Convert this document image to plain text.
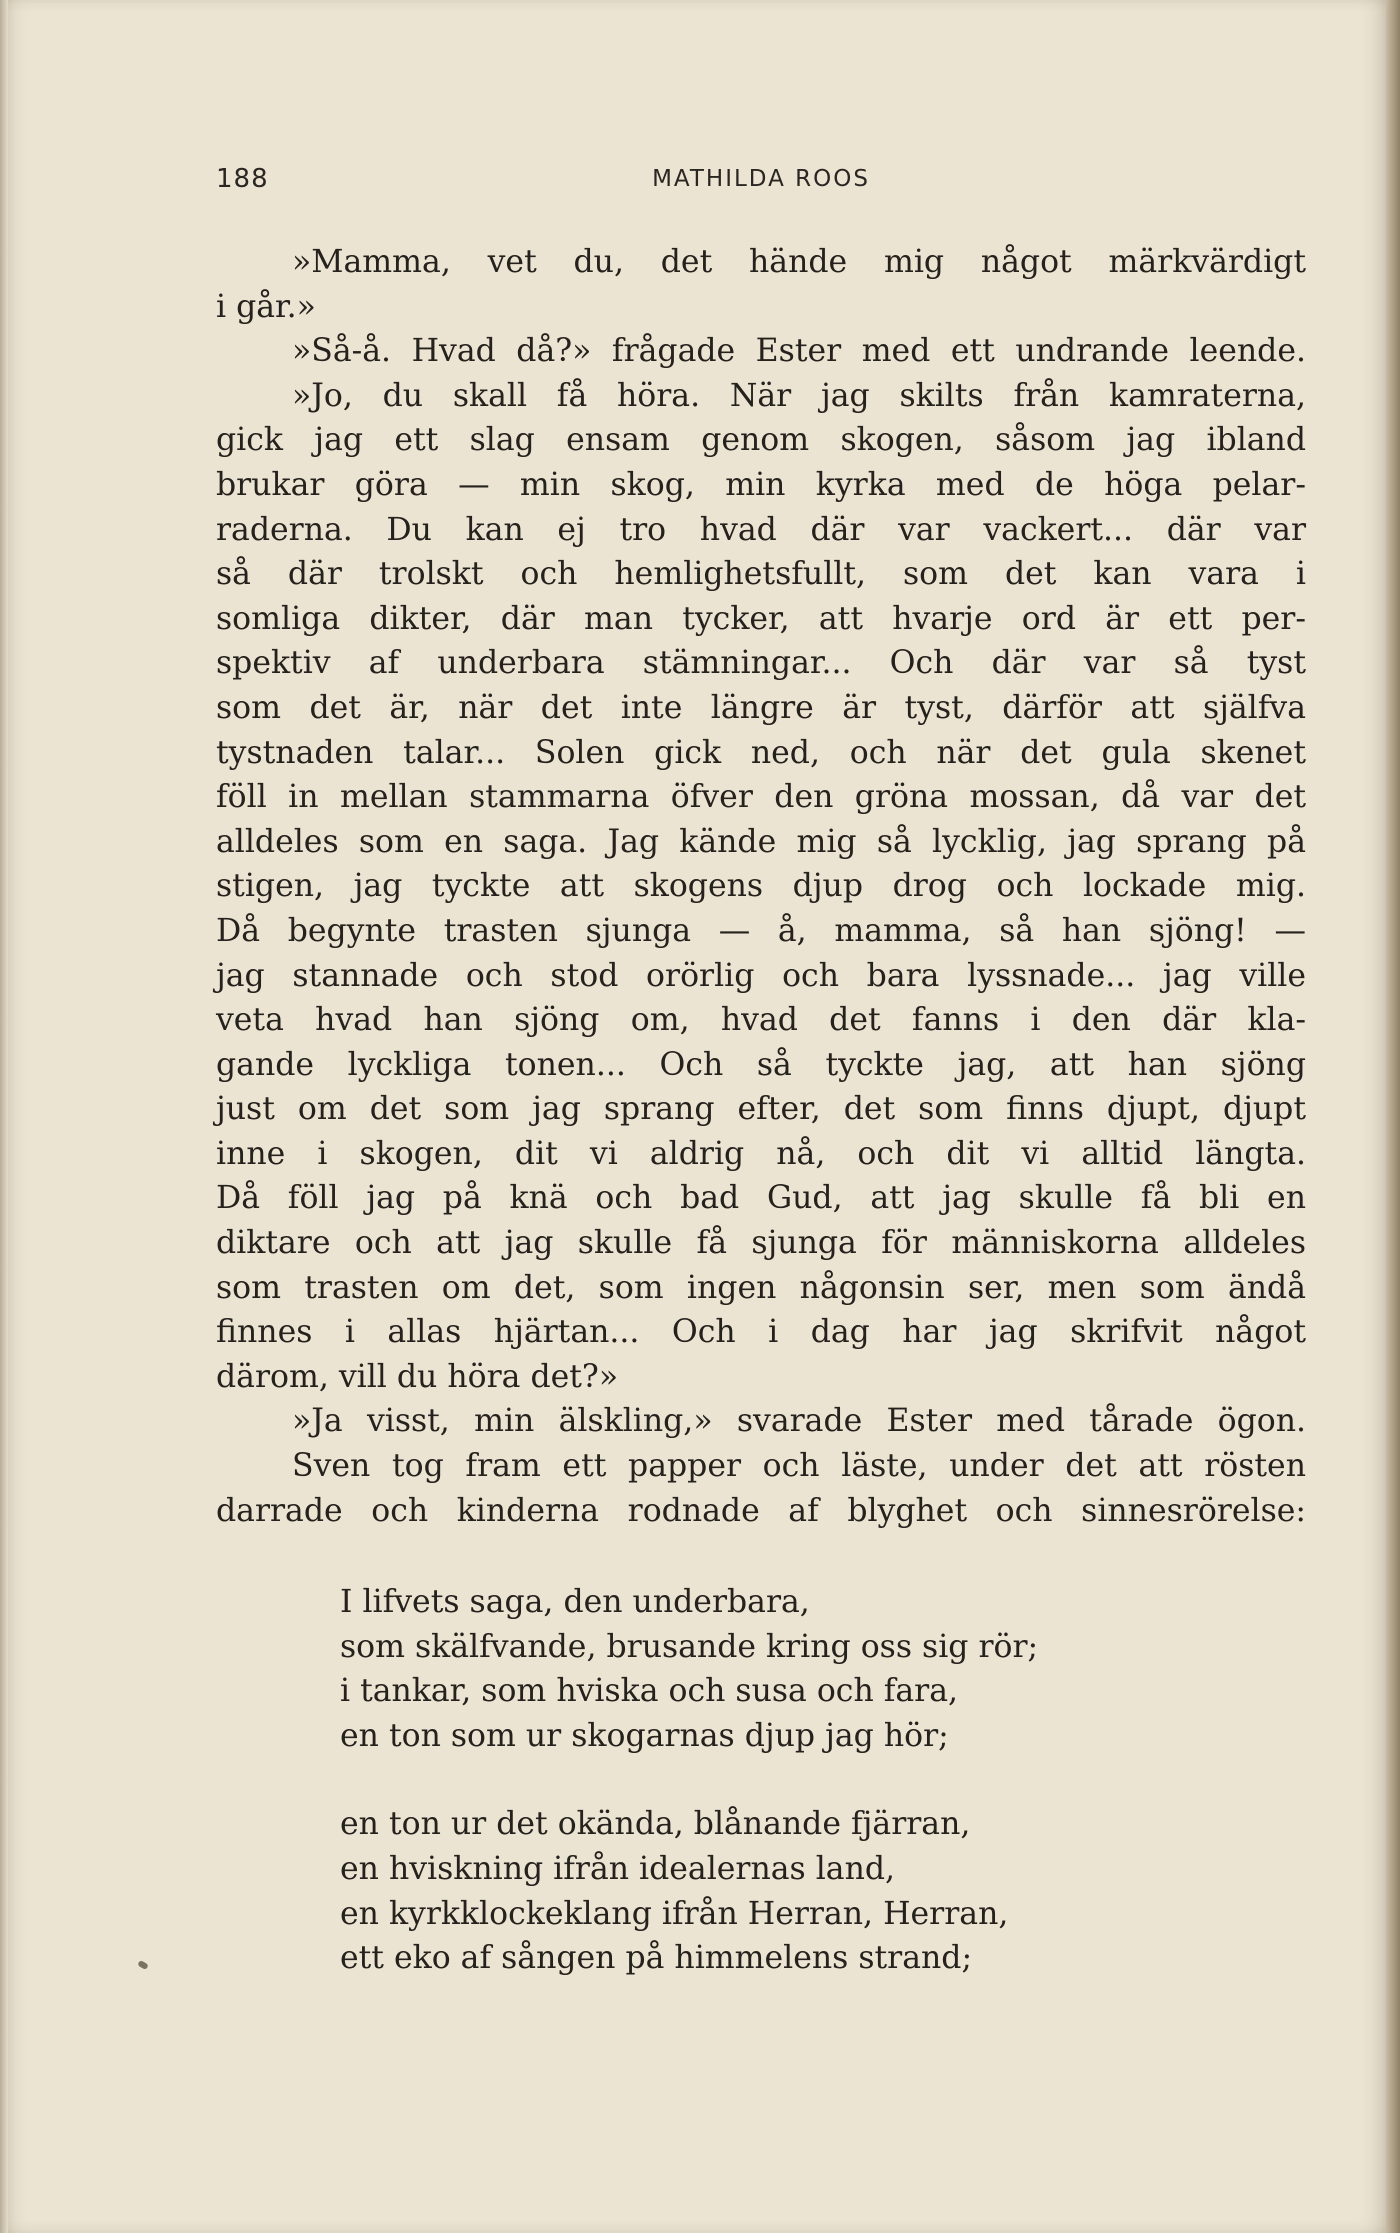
188	MATHILDA ROOS
»Mamma, vet du, det hände mig något märkvärdigt
i går.»
»Så-å. Hvad då?» frågade Ester med ett undrande leende.
»Jo, du skall få höra. När jag skilts från kamraterna,
gick jag ett slag ensam genom skogen, såsom jag ibland
brukar göra — min skog, min kyrka med de höga pelar-
raderna. Du kan ej tro hvad där var vackert... där var
så där trolskt och hemlighetsfullt, som det kan vara i
somliga dikter, där man tycker, att hvarje ord är ett per-
spektiv af underbara stämningar... Och där var så tyst
som det är, när det inte längre är tyst, därför att själfva
tystnaden talar... Solen gick ned, och när det gula skenet
föll in mellan stammarna öfver den gröna mossan, då var det
alldeles som en saga. Jag kände mig så lycklig, jag sprang på
stigen, jag tyckte att skogens djup drog och lockade mig.
Då begynte trasten sjunga — å, mamma, så han sjöng! —
jag stannade och stod orörlig och bara lyssnade... jag ville
veta hvad han sjöng om, hvad det fanns i den där kla-
gande lyckliga tonen... Och så tyckte jag, att han sjöng
just om det som jag sprang efter, det som finns djupt, djupt
inne i skogen, dit vi aldrig nå, och dit vi alltid längta.
Då föll jag på knä och bad Gud, att jag skulle få bli en
diktare och att jag skulle få sjunga för människorna alldeles
som trasten om det, som ingen någonsin ser, men som ändå
finnes i allas hjärtan... Och i dag har jag skrifvit något
därom, vill du höra det?»
»Ja visst, min älskling,» svarade Ester med tårade ögon.
Sven tog fram ett papper och läste, under det att rösten
darrade och kinderna rodnade af blyghet och sinnesrörelse:
I lifvets saga, den underbara,
som skälfvande, brusande kring oss sig rör;
i tankar, som hviska och susa och fara,
en ton som ur skogarnas djup jag hör;
en ton ur det okända, blånande fjärran,
en hviskning ifrån idealernas land,
en kyrkklockeklang ifrån Herran, Herran,
ett eko af sången på himmelens strand;
